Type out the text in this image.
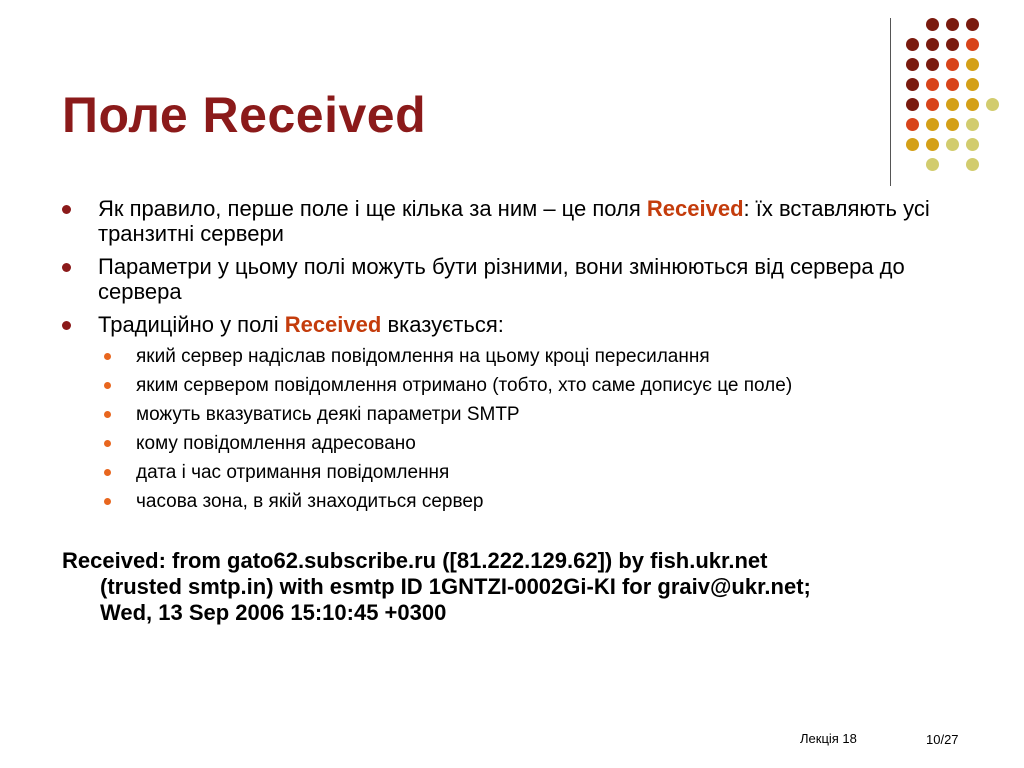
Поле Received
Як правило, перше поле і ще кілька за ним – це поля Received: їх вставляють усі транзитні сервери
Параметри у цьому полі можуть бути різними, вони змінюються від сервера до сервера
Традиційно у полі Received вказується:
який сервер надіслав повідомлення на цьому кроці пересилання
яким сервером повідомлення отримано (тобто, хто саме дописує це поле)
можуть вказуватись деякі параметри SMTP
кому повідомлення адресовано
дата і час отримання повідомлення
часова зона, в якій знаходиться сервер
Received: from gato62.subscribe.ru ([81.222.129.62]) by fish.ukr.net
(trusted smtp.in) with esmtp ID 1GNTZI-0002Gi-KI for graiv@ukr.net;
Wed, 13 Sep 2006 15:10:45 +0300
Лекція 18	10/27
